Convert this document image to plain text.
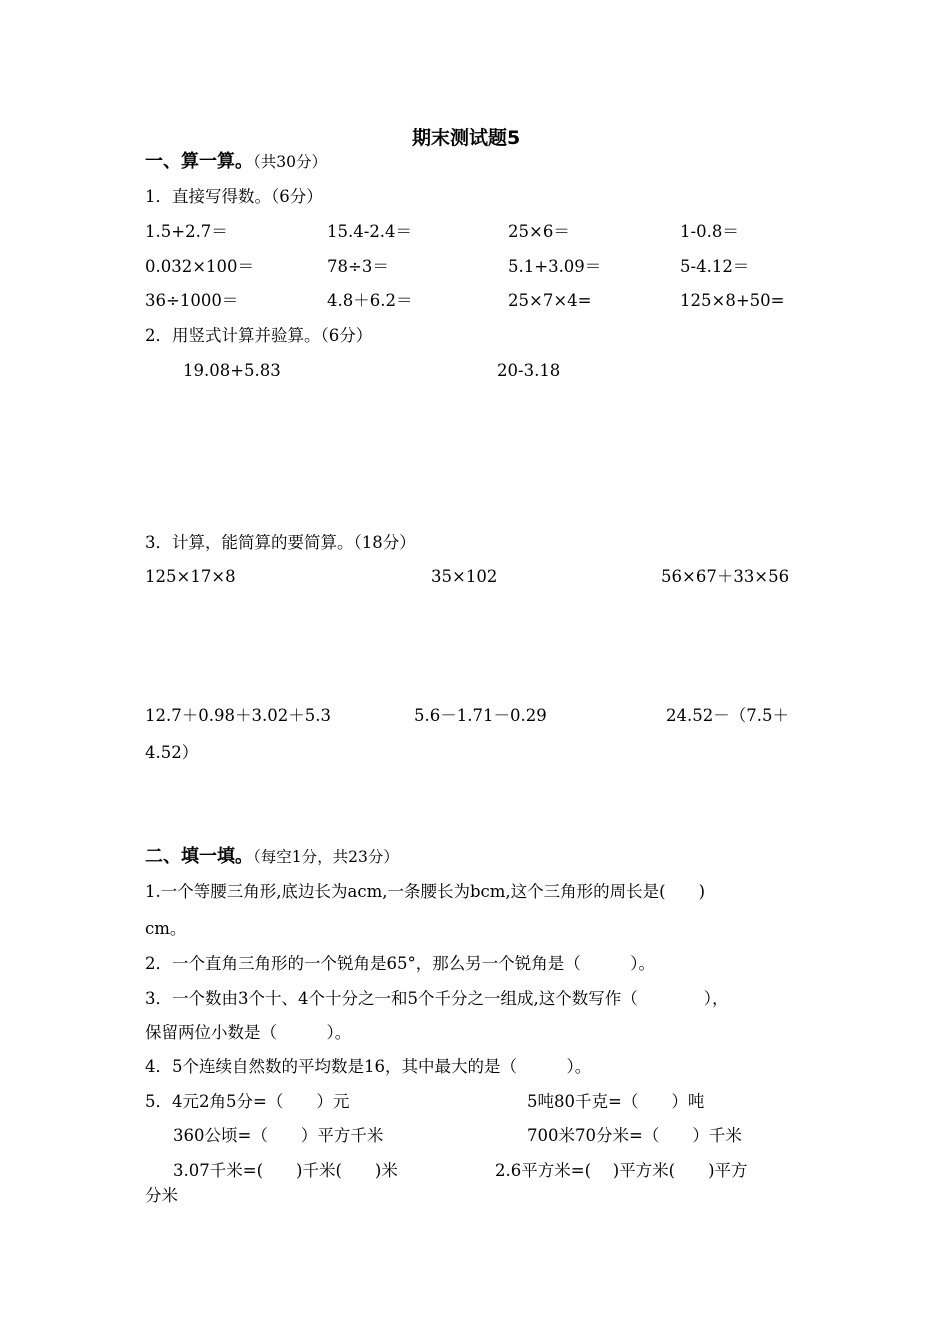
期末测试题5
一、算一算。（共30分）
1．直接写得数。（6分）
1.5+2.7＝	15.4-2.4＝	25×6＝	1-0.8＝
0.032×100＝	78÷3＝	5.1+3.09＝	5-4.12＝
36÷1000＝	4.8＋6.2＝	25×7×4=	125×8+50=
2．用竖式计算并验算。（6分）
19.08+5.83	20-3.18
3．计算，能简算的要简算。（18分）
125×17×8	35×102	56×67＋33×56
12.7＋0.98＋3.02＋5.3	5.6－1.71－0.29	24.52－（7.5＋
4.52）
二、填一填。（每空1分，共23分）
1.一个等腰三角形,底边长为acm,一条腰长为bcm,这个三角形的周长是(　　)
cm。
2．一个直角三角形的一个锐角是65°，那么另一个锐角是（　　　）。
3．一个数由3个十、4个十分之一和5个千分之一组成,这个数写作（　　　　），
保留两位小数是（　　　）。
4．5个连续自然数的平均数是16，其中最大的是（　　　）。
5．4元2角5分=（　　）元	5吨80千克=（　　）吨
360公顷=（　　）平方千米	700米70分米=（　　）千米
3.07千米=(　　)千米(　　)米	2.6平方米=(　 )平方米(　　)平方
分米
